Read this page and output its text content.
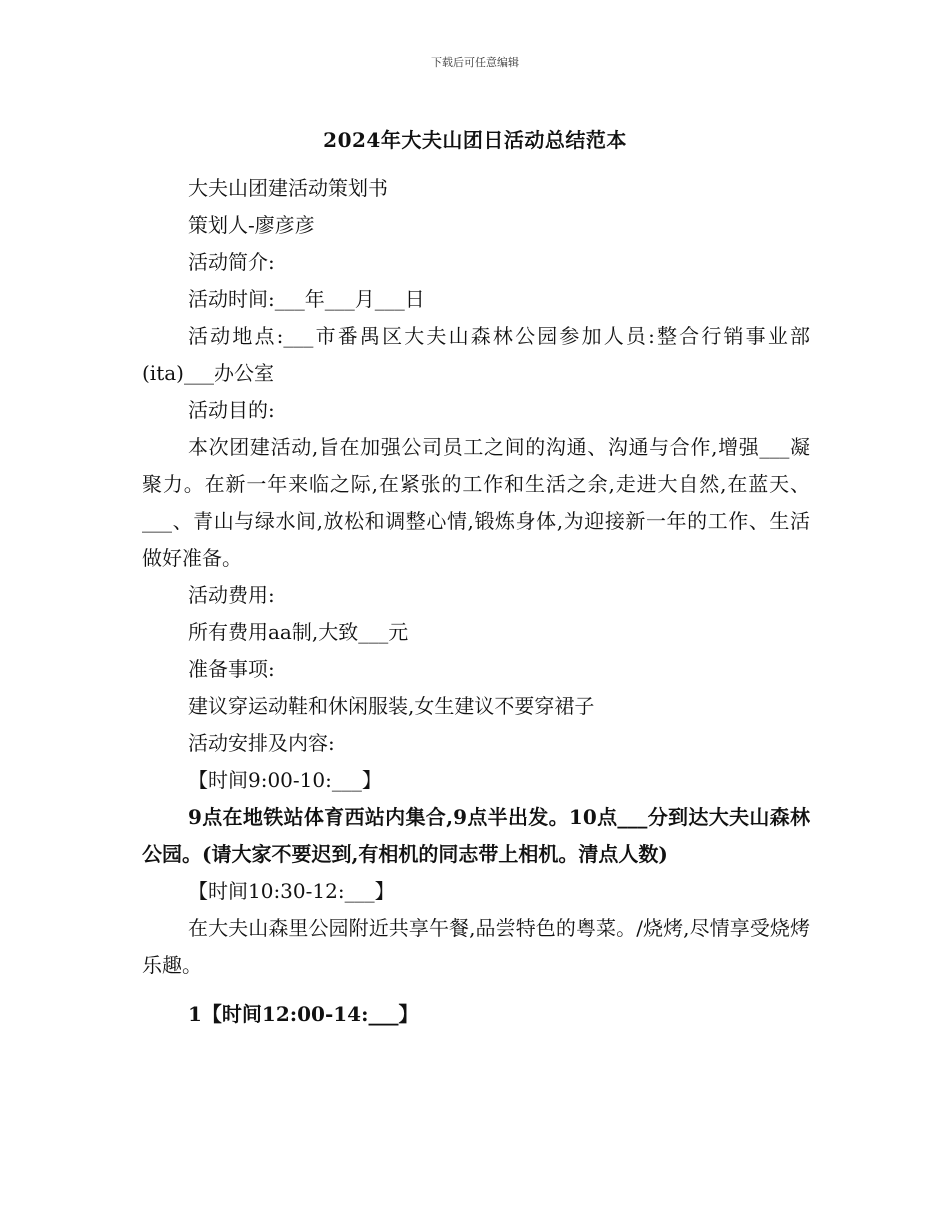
下载后可任意编辑
2024年大夫山团日活动总结范本

大夫山团建活动策划书

策划人-廖彦彦

活动简介:

活动时间:___年___月___日

活动地点:___市番禺区大夫山森林公园参加人员:整合行销事业部(ita)___办公室

活动目的:

本次团建活动,旨在加强公司员工之间的沟通、沟通与合作,增强___凝聚力。在新一年来临之际,在紧张的工作和生活之余,走进大自然,在蓝天、___、青山与绿水间,放松和调整心情,锻炼身体,为迎接新一年的工作、生活做好准备。

活动费用:

所有费用aa制,大致___元

准备事项:

建议穿运动鞋和休闲服装,女生建议不要穿裙子

活动安排及内容:

【时间9:00-10:___】

9点在地铁站体育西站内集合,9点半出发。10点___分到达大夫山森林公园。(请大家不要迟到,有相机的同志带上相机。清点人数)

【时间10:30-12:___】

在大夫山森里公园附近共享午餐,品尝特色的粤菜。/烧烤,尽情享受烧烤乐趣。

1【时间12:00-14:___】
